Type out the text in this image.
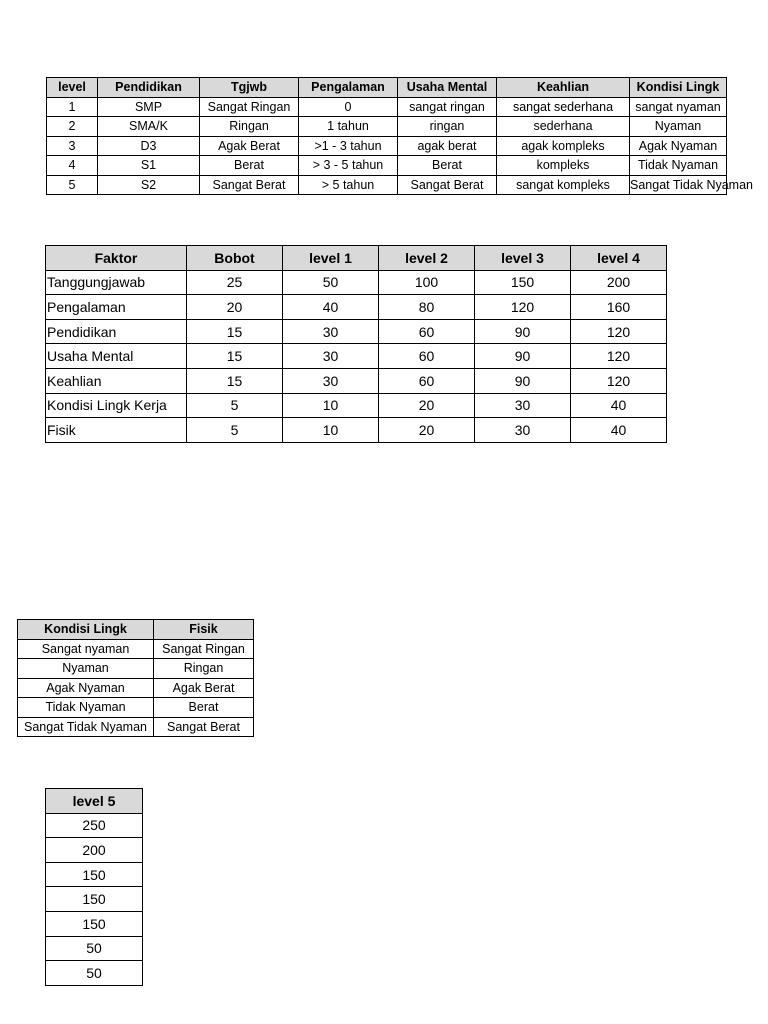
level	Pendidikan	Tgjwb	Pengalaman	Usaha Mental	Keahlian	Kondisi Lingk
1	SMP	Sangat Ringan	0	sangat ringan	sangat sederhana	sangat nyaman
2	SMA/K	Ringan	1 tahun	ringan	sederhana	Nyaman
3	D3	Agak Berat	>1 - 3 tahun	agak berat	agak kompleks	Agak Nyaman
4	S1	Berat	> 3 - 5 tahun	Berat	kompleks	Tidak Nyaman
5	S2	Sangat Berat	> 5 tahun	Sangat Berat	sangat kompleks	Sangat Tidak Nyaman
Faktor	Bobot	level 1	level 2	level 3	level 4
Tanggungjawab	25	50	100	150	200
Pengalaman	20	40	80	120	160
Pendidikan	15	30	60	90	120
Usaha Mental	15	30	60	90	120
Keahlian	15	30	60	90	120
Kondisi Lingk Kerja	5	10	20	30	40
Fisik	5	10	20	30	40
Kondisi Lingk	Fisik
Sangat nyaman	Sangat Ringan
Nyaman	Ringan
Agak Nyaman	Agak Berat
Tidak Nyaman	Berat
Sangat Tidak Nyaman	Sangat Berat
level 5
250
200
150
150
150
50
50
